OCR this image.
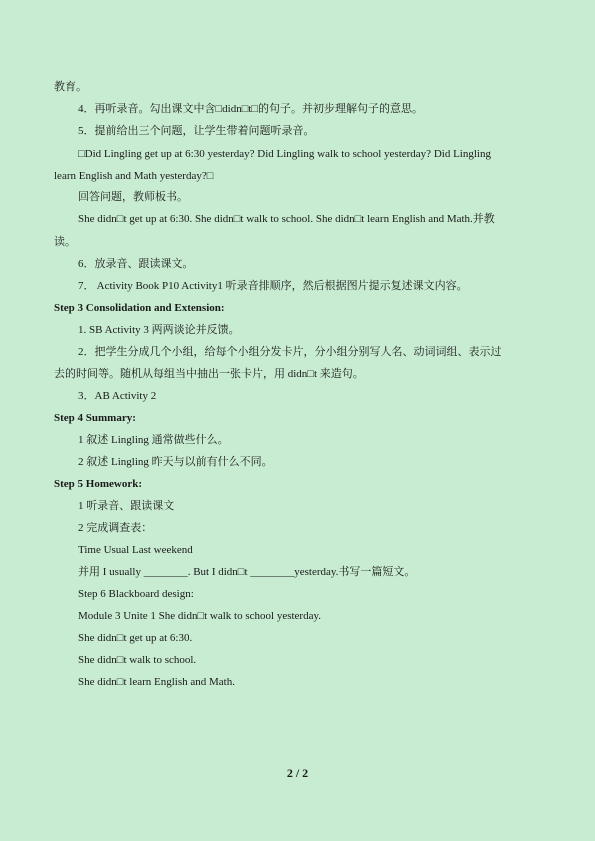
教育。
4．再听录音。勾出课文中含□didn□t□的句子。并初步理解句子的意思。
5．提前给出三个问题，让学生带着问题听录音。
□Did Lingling get up at 6:30 yesterday? Did Lingling walk to school yesterday? Did Lingling
learn English and Math yesterday?□
回答问题，教师板书。
She didn□t get up at 6:30. She didn□t walk to school. She didn□t learn English and Math.并教
读。
6．放录音、跟读课文。
7． Activity Book P10 Activity1 听录音排顺序，然后根据图片提示复述课文内容。
Step 3 Consolidation and Extension:
1. SB Activity 3 两两谈论并反馈。
2．把学生分成几个小组，给每个小组分发卡片，分小组分别写人名、动词词组、表示过
去的时间等。随机从每组当中抽出一张卡片，用 didn□t 来造句。
3．AB Activity 2
Step 4 Summary:
1 叙述 Lingling 通常做些什么。
2 叙述 Lingling 昨天与以前有什么不同。
Step 5 Homework:
1 听录音、跟读课文
2 完成调查表：
Time Usual Last weekend
并用 I usually ________. But I didn□t ________yesterday.书写一篇短文。
Step 6 Blackboard design:
Module 3 Unite 1 She didn□t walk to school yesterday.
She didn□t get up at 6:30.
She didn□t walk to school.
She didn□t learn English and Math.
2 / 2
